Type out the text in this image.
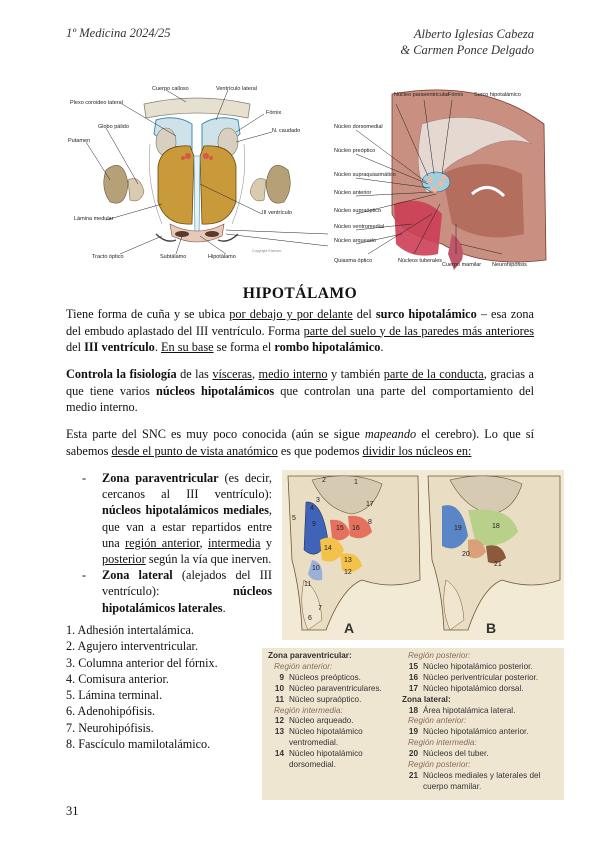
1º Medicina 2024/25	Alberto Iglesias Cabeza
& Carmen Ponce Delgado
Copyright Elsevier
Cuerpo calloso	Ventrículo lateral
Plexo coroideo lateral
Fórnix
Globo pálido
N. caudado
Putamen
III ventrículo
Lámina medular
Tracto óptico	Subtálamo	Hipotálamo
Núcleo paraventricular
Fórnix Surco hipotalámico
Núcleo dorsomedial
Núcleo preóptico
Núcleo supraquiasmático
Núcleo anterior
Núcleo supraóptico
Núcleo ventromedial
Núcleo arqueado
Quiasma óptico	Núcleos tuberales
Cuerpo mamilar Neurohipófisis
HIPOTÁLAMO
Tiene forma de cuña y se ubica por debajo y por delante del surco hipotalámico – esa zona del embudo aplastado del III ventrículo. Forma parte del suelo y de las paredes más anteriores del III ventrículo. En su base se forma el rombo hipotalámico.
Controla la fisiología de las vísceras, medio interno y también parte de la conducta, gracias a que tiene varios núcleos hipotalámicos que controlan una parte del comportamiento del medio interno.
Esta parte del SNC es muy poco conocida (aún se sigue mapeando el cerebro). Lo que sí sabemos desde el punto de vista anatómico es que podemos dividir los núcleos en:
-	Zona paraventricular (es decir, cercanos al III ventrículo): núcleos hipotalámicos mediales, que van a estar repartidos entre una región anterior, intermedia y posterior según la vía que inerven.
-	Zona lateral (alejados del III ventrículo): núcleos hipotalámicos laterales.
2	1
5
9
17
15 16
8
14
13
10
12
11
6
7
3
4
19	18
20
21
A	B
1. Adhesión intertalámica.
2. Agujero interventricular.
3. Columna anterior del fórnix.
4. Comisura anterior.
5. Lámina terminal.
6. Adenohipófisis.
7. Neurohipófisis.
8. Fascículo mamilotalámico.
Zona paraventricular:
Región anterior:
9 Núcleos preópticos.
10 Núcleo paraventriculares.
11 Núcleo supraóptico.
Región intermedia:
12 Núcleo arqueado.
13 Núcleo hipotalámico
ventromedial.
14 Núcleo hipotalámico
dorsomedial.
Región posterior:
15 Núcleo hipotalámico posterior.
16 Núcleo periventricular posterior.
17 Núcleo hipotalámico dorsal.
Zona lateral:
18 Área hipotalámica lateral.
Región anterior:
19 Núcleo hipotalámico anterior.
Región intermedia:
20 Núcleos del tuber.
Región posterior:
21 Núcleos mediales y laterales del
cuerpo mamilar.
31
